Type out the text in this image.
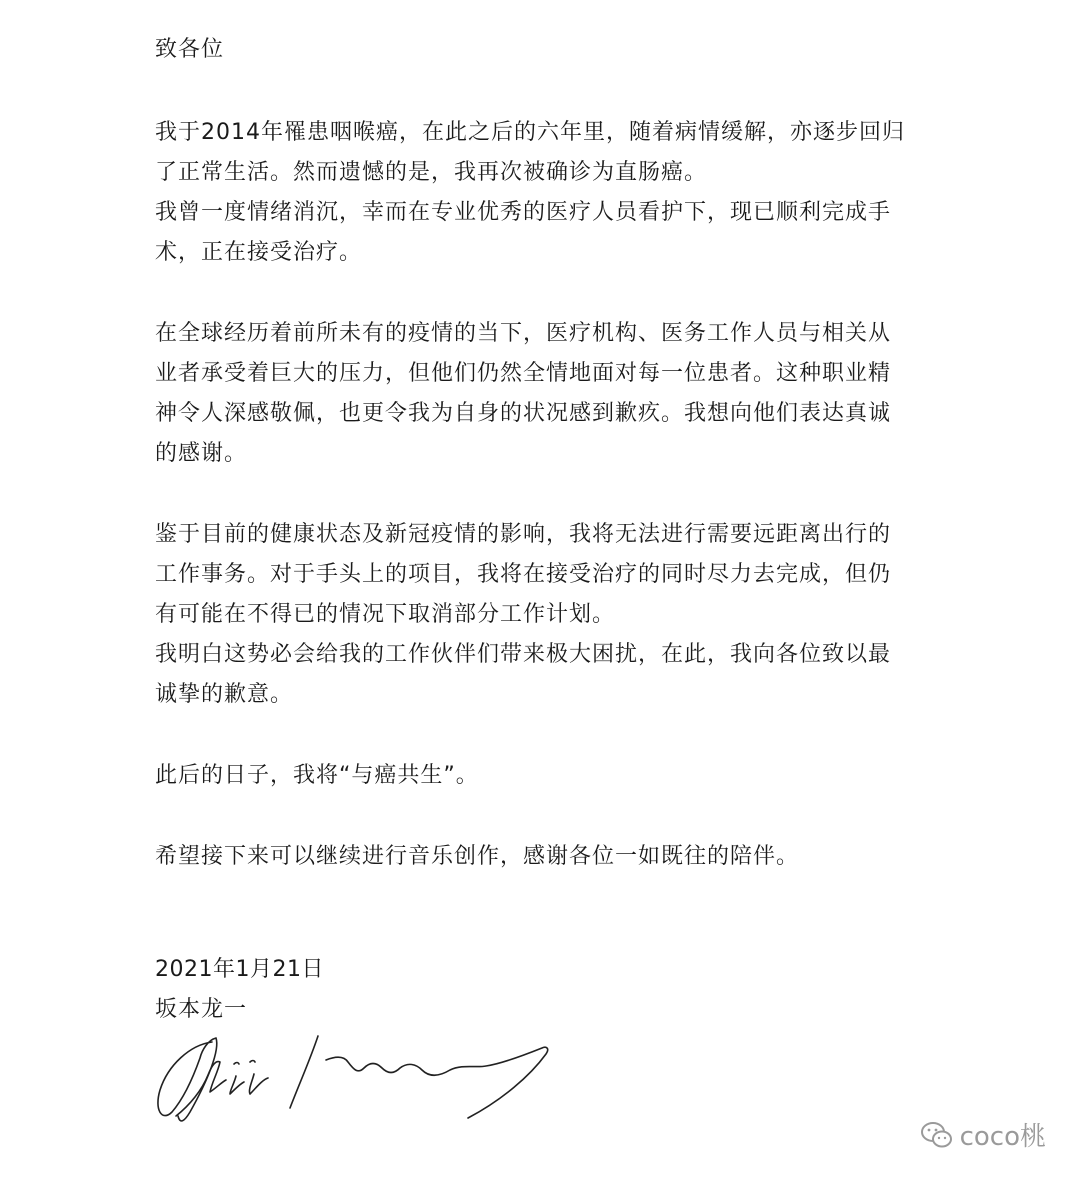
致各位

我于2014年罹患咽喉癌，在此之后的六年里，随着病情缓解，亦逐步回归
了正常生活。然而遗憾的是，我再次被确诊为直肠癌。
我曾一度情绪消沉，幸而在专业优秀的医疗人员看护下，现已顺利完成手
术，正在接受治疗。

在全球经历着前所未有的疫情的当下，医疗机构、医务工作人员与相关从
业者承受着巨大的压力，但他们仍然全情地面对每一位患者。这种职业精
神令人深感敬佩，也更令我为自身的状况感到歉疚。我想向他们表达真诚
的感谢。

鉴于目前的健康状态及新冠疫情的影响，我将无法进行需要远距离出行的
工作事务。对于手头上的项目，我将在接受治疗的同时尽力去完成，但仍
有可能在不得已的情况下取消部分工作计划。
我明白这势必会给我的工作伙伴们带来极大困扰，在此，我向各位致以最
诚挚的歉意。

此后的日子，我将“与癌共生”。

希望接下来可以继续进行音乐创作，感谢各位一如既往的陪伴。

2021年1月21日
坂本龙一
coco桃
